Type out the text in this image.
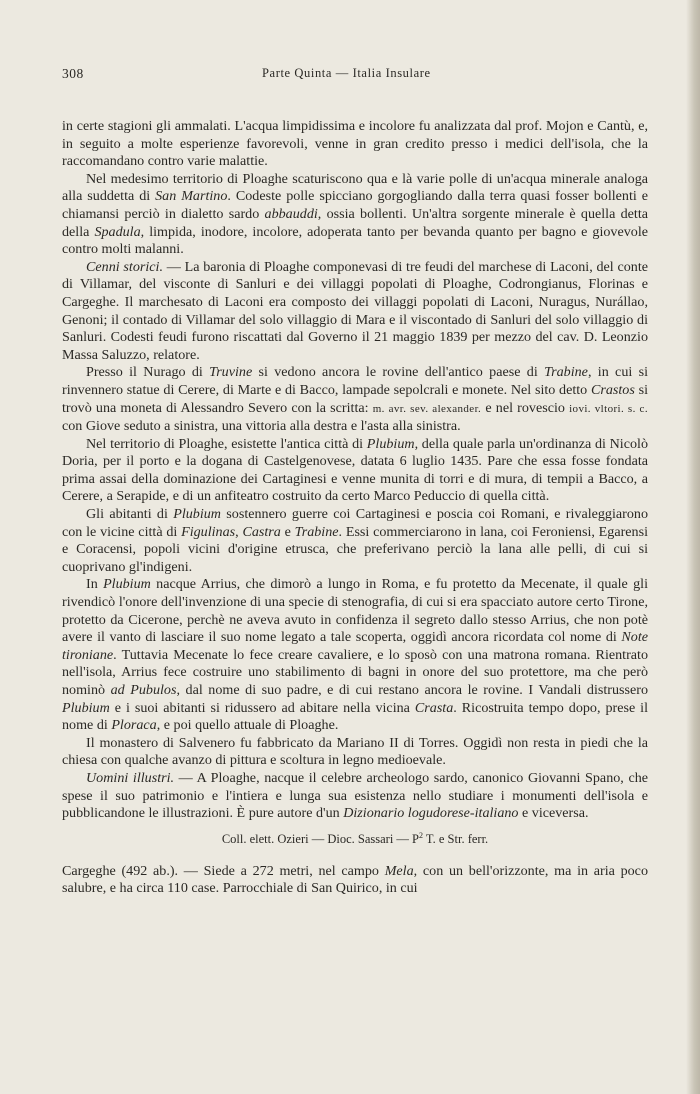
308	Parte Quinta — Italia Insulare

in certe stagioni gli ammalati. L'acqua limpidissima e incolore fu analizzata dal prof. Mojon e Cantù, e, in seguito a molte esperienze favorevoli, venne in gran credito presso i medici dell'isola, che la raccomandano contro varie malattie.

Nel medesimo territorio di Ploaghe scaturiscono qua e là varie polle di un'acqua minerale analoga alla suddetta di San Martino. Codeste polle spicciano gorgogliando dalla terra quasi fosser bollenti e chiamansi perciò in dialetto sardo abbauddi, ossia bollenti. Un'altra sorgente minerale è quella detta della Spadula, limpida, inodore, incolore, adoperata tanto per bevanda quanto per bagno e giovevole contro molti malanni.

Cenni storici. — La baronia di Ploaghe componevasi di tre feudi del marchese di Laconi, del conte di Villamar, del visconte di Sanluri e dei villaggi popolati di Ploaghe, Codrongianus, Florinas e Cargeghe. Il marchesato di Laconi era composto dei villaggi popolati di Laconi, Nuragus, Nurállao, Genoni; il contado di Villamar del solo villaggio di Mara e il viscontado di Sanluri del solo villaggio di Sanluri. Codesti feudi furono riscattati dal Governo il 21 maggio 1839 per mezzo del cav. D. Leonzio Massa Saluzzo, relatore.

Presso il Nurago di Truvine si vedono ancora le rovine dell'antico paese di Trabine, in cui si rinvennero statue di Cerere, di Marte e di Bacco, lampade sepolcrali e monete. Nel sito detto Crastos si trovò una moneta di Alessandro Severo con la scritta: m. avr. sev. alexander. e nel rovescio iovi. vltori. s. c. con Giove seduto a sinistra, una vittoria alla destra e l'asta alla sinistra.

Nel territorio di Ploaghe, esistette l'antica città di Plubium, della quale parla un'ordinanza di Nicolò Doria, per il porto e la dogana di Castelgenovese, datata 6 luglio 1435. Pare che essa fosse fondata prima assai della dominazione dei Cartaginesi e venne munita di torri e di mura, di tempii a Bacco, a Cerere, a Serapide, e di un anfiteatro costruito da certo Marco Peduccio di quella città.

Gli abitanti di Plubium sostennero guerre coi Cartaginesi e poscia coi Romani, e rivaleggiarono con le vicine città di Figulinas, Castra e Trabine. Essi commerciarono in lana, coi Feroniensi, Egarensi e Coracensi, popoli vicini d'origine etrusca, che preferivano perciò la lana alle pelli, di cui si cuoprivano gl'indigeni.

In Plubium nacque Arrius, che dimorò a lungo in Roma, e fu protetto da Mecenate, il quale gli rivendicò l'onore dell'invenzione di una specie di stenografia, di cui si era spacciato autore certo Tirone, protetto da Cicerone, perchè ne aveva avuto in confidenza il segreto dallo stesso Arrius, che non potè avere il vanto di lasciare il suo nome legato a tale scoperta, oggidì ancora ricordata col nome di Note tironiane. Tuttavia Mecenate lo fece creare cavaliere, e lo sposò con una matrona romana. Rientrato nell'isola, Arrius fece costruire uno stabilimento di bagni in onore del suo protettore, ma che però nominò ad Pubulos, dal nome di suo padre, e di cui restano ancora le rovine. I Vandali distrussero Plubium e i suoi abitanti si ridussero ad abitare nella vicina Crasta. Ricostruita tempo dopo, prese il nome di Ploraca, e poi quello attuale di Ploaghe.

Il monastero di Salvenero fu fabbricato da Mariano II di Torres. Oggidì non resta in piedi che la chiesa con qualche avanzo di pittura e scoltura in legno medioevale.

Uomini illustri. — A Ploaghe, nacque il celebre archeologo sardo, canonico Giovanni Spano, che spese il suo patrimonio e l'intiera e lunga sua esistenza nello studiare i monumenti dell'isola e pubblicandone le illustrazioni. È pure autore d'un Dizionario logudorese-italiano e viceversa.

Coll. elett. Ozieri — Dioc. Sassari — $P^2$ T. e Str. ferr.

Cargeghe (492 ab.). — Siede a 272 metri, nel campo Mela, con un bell'orizzonte, ma in aria poco salubre, e ha circa 110 case. Parrocchiale di San Quirico, in cui
